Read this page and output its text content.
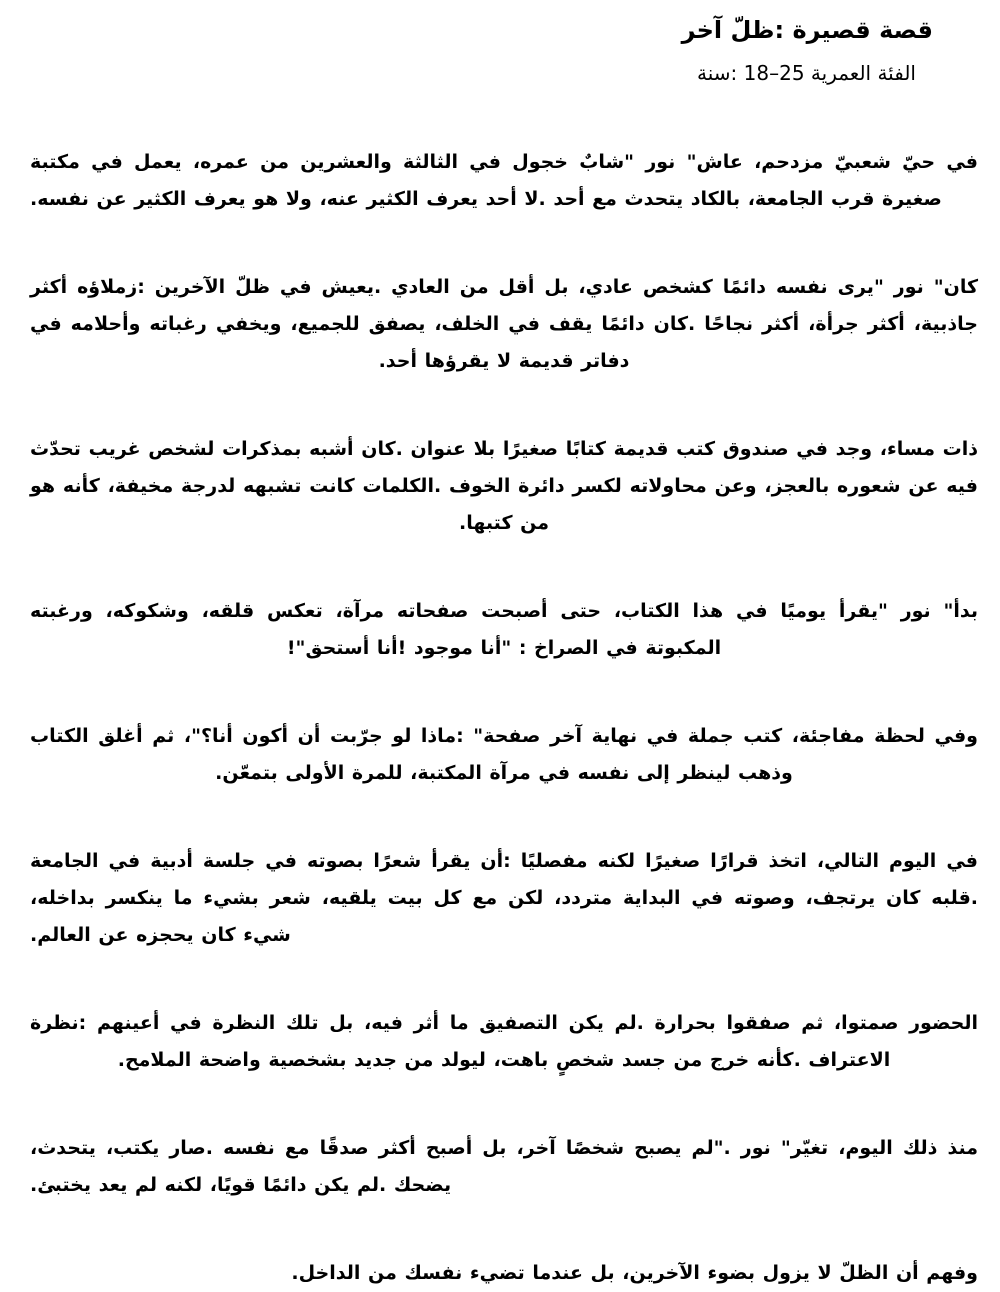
قصة قصيرة :ظلّ آخر

الفئة العمرية 18‎–‎25 :سنة

في حيّ شعبيّ مزدحم، عاش" نور "شابٌ خجول في الثالثة والعشرين من عمره، يعمل في مكتبة صغيرة قرب الجامعة، بالكاد يتحدث مع أحد .لا أحد يعرف الكثير عنه، ولا هو يعرف الكثير عن نفسه.

كان" نور "يرى نفسه دائمًا كشخص عادي، بل أقل من العادي .يعيش في ظلّ الآخرين :زملاؤه أكثر جاذبية، أكثر جرأة، أكثر نجاحًا .كان دائمًا يقف في الخلف، يصفق للجميع، ويخفي رغباته وأحلامه في دفاتر قديمة لا يقرؤها أحد.

ذات مساء، وجد في صندوق كتب قديمة كتابًا صغيرًا بلا عنوان .كان أشبه بمذكرات لشخص غريب تحدّث فيه عن شعوره بالعجز، وعن محاولاته لكسر دائرة الخوف .الكلمات كانت تشبهه لدرجة مخيفة، كأنه هو من كتبها.

بدأ" نور "يقرأ يوميًا في هذا الكتاب، حتى أصبحت صفحاته مرآة، تعكس قلقه، وشكوكه، ورغبته المكبوتة في الصراخ : "أنا موجود !أنا أستحق"!

وفي لحظة مفاجئة، كتب جملة في نهاية آخر صفحة" :ماذا لو جرّبت أن أكون أنا؟"، ثم أغلق الكتاب وذهب لينظر إلى نفسه في مرآة المكتبة، للمرة الأولى بتمعّن.

في اليوم التالي، اتخذ قرارًا صغيرًا لكنه مفصليًا :أن يقرأ شعرًا بصوته في جلسة أدبية في الجامعة .قلبه كان يرتجف، وصوته في البداية متردد، لكن مع كل بيت يلقيه، شعر بشيء ما ينكسر بداخله، شيء كان يحجزه عن العالم.

الحضور صمتوا، ثم صفقوا بحرارة .لم يكن التصفيق ما أثر فيه، بل تلك النظرة في أعينهم :نظرة الاعتراف .كأنه خرج من جسد شخصٍ باهت، ليولد من جديد بشخصية واضحة الملامح.

منذ ذلك اليوم، تغيّر" نور ."لم يصبح شخصًا آخر، بل أصبح أكثر صدقًا مع نفسه .صار يكتب، يتحدث، يضحك .لم يكن دائمًا قويًا، لكنه لم يعد يختبئ.

وفهم أن الظلّ لا يزول بضوء الآخرين، بل عندما تضيء نفسك من الداخل.
